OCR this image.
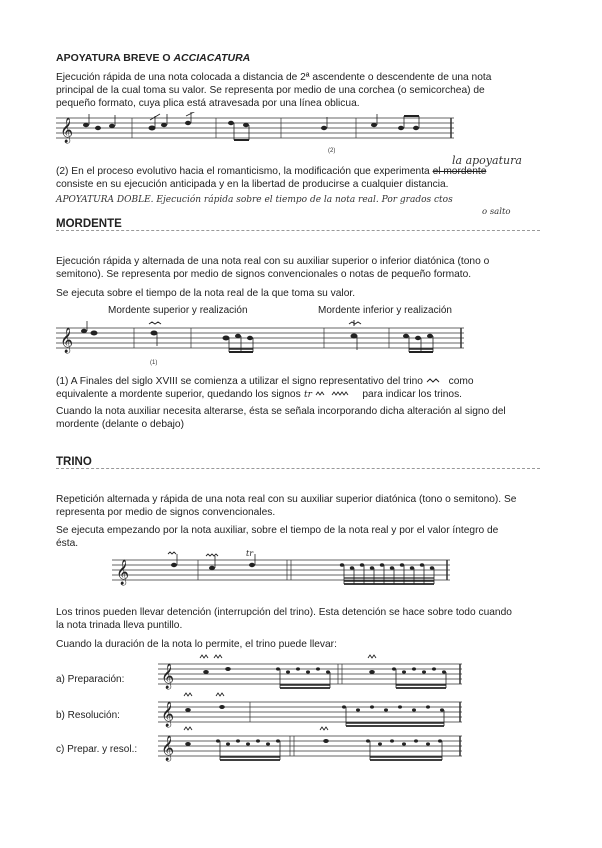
APOYATURA BREVE O ACCIACATURA
Ejecución rápida de una nota colocada a distancia de 2ª ascendente o descendente de una nota
principal de la cual toma su valor. Se representa por medio de una corchea (o semicorchea) de
pequeño formato, cuya plica está atravesada por una línea oblicua.
𝄞
(2)
(2) En el proceso evolutivo hacia el romanticismo, la modificación que experimenta el mordente
la apoyatura
consiste en su ejecución anticipada y en la libertad de producirse a cualquier distancia.
APOYATURA DOBLE. Ejecución rápida sobre el tiempo de la nota real. Por grados ctos
o salto
MORDENTE
Ejecución rápida y alternada de una nota real con su auxiliar superior o inferior diatónica (tono o
semitono). Se representa por medio de signos convencionales o notas de pequeño formato.
Se ejecuta sobre el tiempo de la nota real de la que toma su valor.
Mordente superior y realización	Mordente inferior y realización
𝄞
(1)
(1) A Finales del siglo XVIII se comienza a utilizar el signo representativo del trino	como
equivalente a mordente superior, quedando los signos tr	para indicar los trinos.
Cuando la nota auxiliar necesita alterarse, ésta se señala incorporando dicha alteración al signo del
mordente (delante o debajo)
TRINO
Repetición alternada y rápida de una nota real con su auxiliar superior diatónica (tono o semitono). Se
representa por medio de signos convencionales.
Se ejecuta empezando por la nota auxiliar, sobre el tiempo de la nota real y por el valor íntegro de
ésta.
𝄞
tr
Los trinos pueden llevar detención (interrupción del trino). Esta detención se hace sobre todo cuando
la nota trinada lleva puntillo.
Cuando la duración de la nota lo permite, el trino puede llevar:
a) Preparación: 𝄞
b) Resolución: 𝄞
c) Prepar. y resol.: 𝄞
